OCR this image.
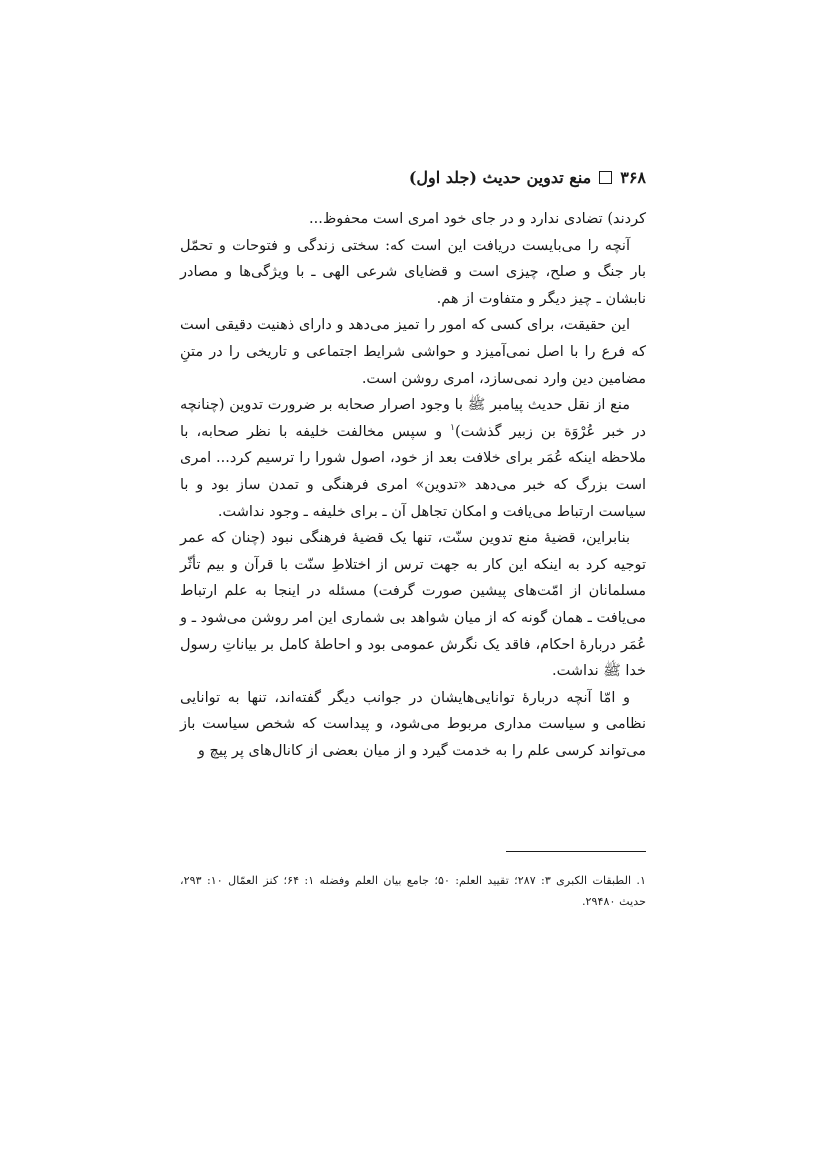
۳۶۸
منع تدوین حدیث (جلد اول)

کردند) تضادی ندارد و در جای خود امری است محفوظ...

آنچه را می‌بایست دریافت این است که: سختی زندگی و فتوحات و تحمّل بار جنگ و صلح، چیزی است و قضایای شرعی الهی ـ با ویژگی‌ها و مصادر نابشان ـ چیز دیگر و متفاوت از هم.

این حقیقت، برای کسی که امور را تمیز می‌دهد و دارای ذهنیت دقیقی است که فرع را با اصل نمی‌آمیزد و حواشی شرایط اجتماعی و تاریخی را در متنِ مضامین دین وارد نمی‌سازد، امری روشن است.

منع از نقل حدیث پیامبر ﷺ با وجود اصرار صحابه بر ضرورت تدوین (چنانچه در خبر عُرْوَة بن زبیر گذشت)$^۱$ و سپس مخالفت خلیفه با نظر صحابه، با ملاحظه اینکه عُمَر برای خلافت بعد از خود، اصول شورا را ترسیم کرد... امری است بزرگ که خبر می‌دهد «تدوین» امری فرهنگی و تمدن ساز بود و با سیاست ارتباط می‌یافت و امکان تجاهل آن ـ برای خلیفه ـ وجود نداشت.

بنابراین، قضیهٔ منع تدوین سنّت، تنها یک قضیهٔ فرهنگی نبود (چنان که عمر توجیه کرد به اینکه این کار به جهت ترس از اختلاطِ سنّت با قرآن و بیم تأثّر مسلمانان از امّت‌های پیشین صورت گرفت) مسئله در اینجا به علم ارتباط می‌یافت ـ همان گونه که از میان شواهد بی شماری این امر روشن می‌شود ـ و عُمَر دربارهٔ احکام، فاقد یک نگرش عمومی بود و احاطهٔ کامل بر بیاناتِ رسول خدا ﷺ نداشت.

و امّا آنچه دربارهٔ توانایی‌هایشان در جوانب دیگر گفته‌اند، تنها به توانایی نظامی و سیاست مداری مربوط می‌شود، و پیداست که شخص سیاست باز می‌تواند کرسی علم را به خدمت گیرد و از میان بعضی از کانال‌های پر پیچ و

۱. الطبقات الکبری ۳: ۲۸۷؛ تقیید العلم: ۵۰؛ جامع بیان العلم وفضله ۱: ۶۴؛ کنز العمّال ۱۰: ۲۹۳، حدیث ۲۹۴۸۰.
